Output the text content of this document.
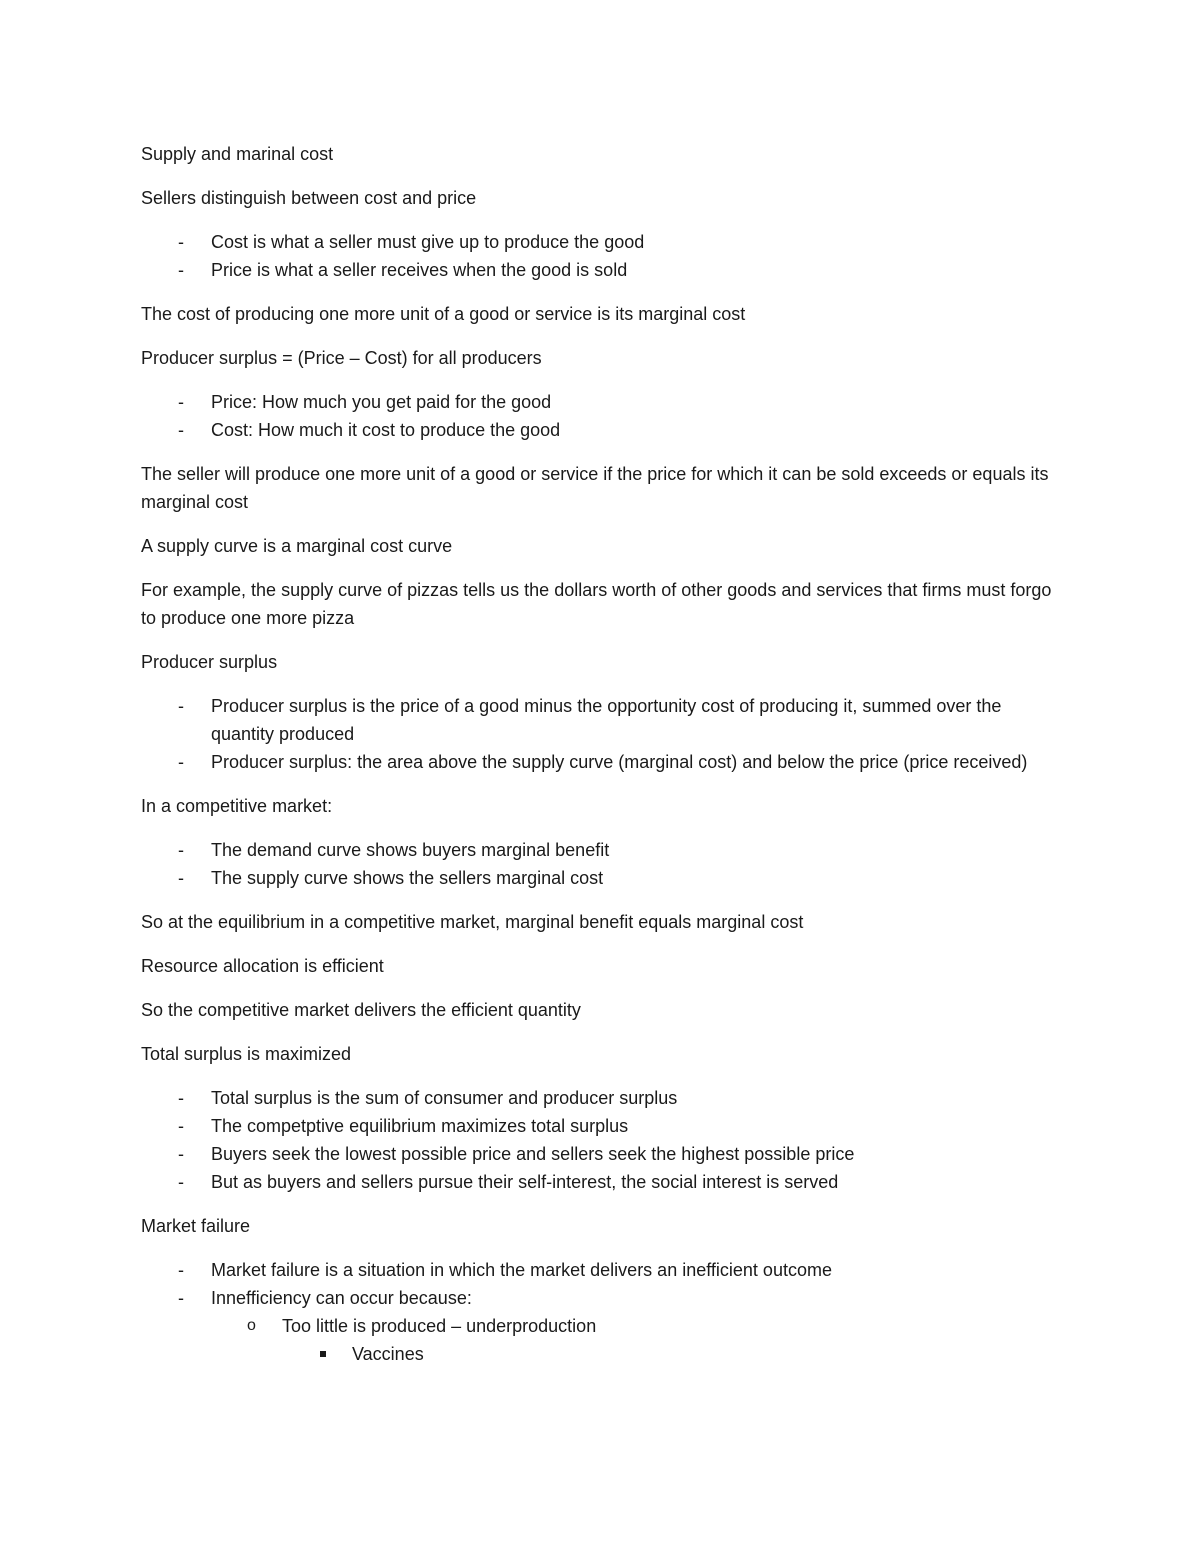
Supply and marinal cost
Sellers distinguish between cost and price
- Cost is what a seller must give up to produce the good
- Price is what a seller receives when the good is sold
The cost of producing one more unit of a good or service is its marginal cost
Producer surplus = (Price – Cost) for all producers
- Price: How much you get paid for the good
- Cost: How much it cost to produce the good
The seller will produce one more unit of a good or service if the price for which it can be sold exceeds or equals its marginal cost
A supply curve is a marginal cost curve
For example, the supply curve of pizzas tells us the dollars worth of other goods and services that firms must forgo to produce one more pizza
Producer surplus
- Producer surplus is the price of a good minus the opportunity cost of producing it, summed over the quantity produced
- Producer surplus: the area above the supply curve (marginal cost) and below the price (price received)
In a competitive market:
- The demand curve shows buyers marginal benefit
- The supply curve shows the sellers marginal cost
So at the equilibrium in a competitive market, marginal benefit equals marginal cost
Resource allocation is efficient
So the competitive market delivers the efficient quantity
Total surplus is maximized
- Total surplus is the sum of consumer and producer surplus
- The competptive equilibrium maximizes total surplus
- Buyers seek the lowest possible price and sellers seek the highest possible price
- But as buyers and sellers pursue their self-interest, the social interest is served
Market failure
- Market failure is a situation in which the market delivers an inefficient outcome
- Innefficiency can occur because:
o Too little is produced – underproduction
Vaccines
